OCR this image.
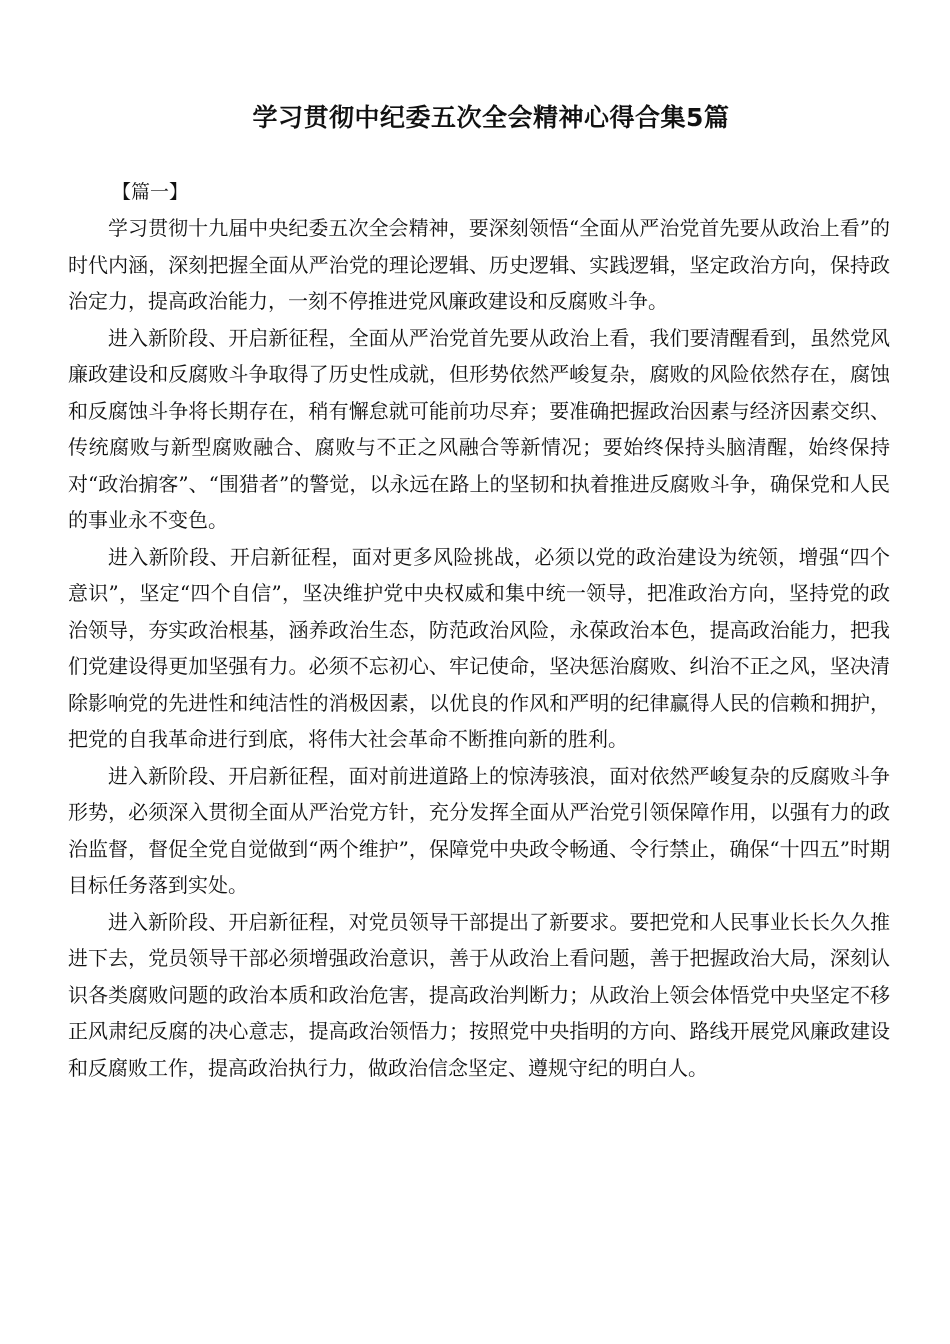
学习贯彻中纪委五次全会精神心得合集5篇

【篇一】

学习贯彻十九届中央纪委五次全会精神，要深刻领悟“全面从严治党首先要从政治上看”的时代内涵，深刻把握全面从严治党的理论逻辑、历史逻辑、实践逻辑，坚定政治方向，保持政治定力，提高政治能力，一刻不停推进党风廉政建设和反腐败斗争。

进入新阶段、开启新征程，全面从严治党首先要从政治上看，我们要清醒看到，虽然党风廉政建设和反腐败斗争取得了历史性成就，但形势依然严峻复杂，腐败的风险依然存在，腐蚀和反腐蚀斗争将长期存在，稍有懈怠就可能前功尽弃；要准确把握政治因素与经济因素交织、传统腐败与新型腐败融合、腐败与不正之风融合等新情况；要始终保持头脑清醒，始终保持对“政治掮客”、“围猎者”的警觉，以永远在路上的坚韧和执着推进反腐败斗争，确保党和人民的事业永不变色。

进入新阶段、开启新征程，面对更多风险挑战，必须以党的政治建设为统领，增强“四个意识”，坚定“四个自信”，坚决维护党中央权威和集中统一领导，把准政治方向，坚持党的政治领导，夯实政治根基，涵养政治生态，防范政治风险，永葆政治本色，提高政治能力，把我们党建设得更加坚强有力。必须不忘初心、牢记使命，坚决惩治腐败、纠治不正之风，坚决清除影响党的先进性和纯洁性的消极因素，以优良的作风和严明的纪律赢得人民的信赖和拥护，把党的自我革命进行到底，将伟大社会革命不断推向新的胜利。

进入新阶段、开启新征程，面对前进道路上的惊涛骇浪，面对依然严峻复杂的反腐败斗争形势，必须深入贯彻全面从严治党方针，充分发挥全面从严治党引领保障作用，以强有力的政治监督，督促全党自觉做到“两个维护”，保障党中央政令畅通、令行禁止，确保“十四五”时期目标任务落到实处。

进入新阶段、开启新征程，对党员领导干部提出了新要求。要把党和人民事业长长久久推进下去，党员领导干部必须增强政治意识，善于从政治上看问题，善于把握政治大局，深刻认识各类腐败问题的政治本质和政治危害，提高政治判断力；从政治上领会体悟党中央坚定不移正风肃纪反腐的决心意志，提高政治领悟力；按照党中央指明的方向、路线开展党风廉政建设和反腐败工作，提高政治执行力，做政治信念坚定、遵规守纪的明白人。
